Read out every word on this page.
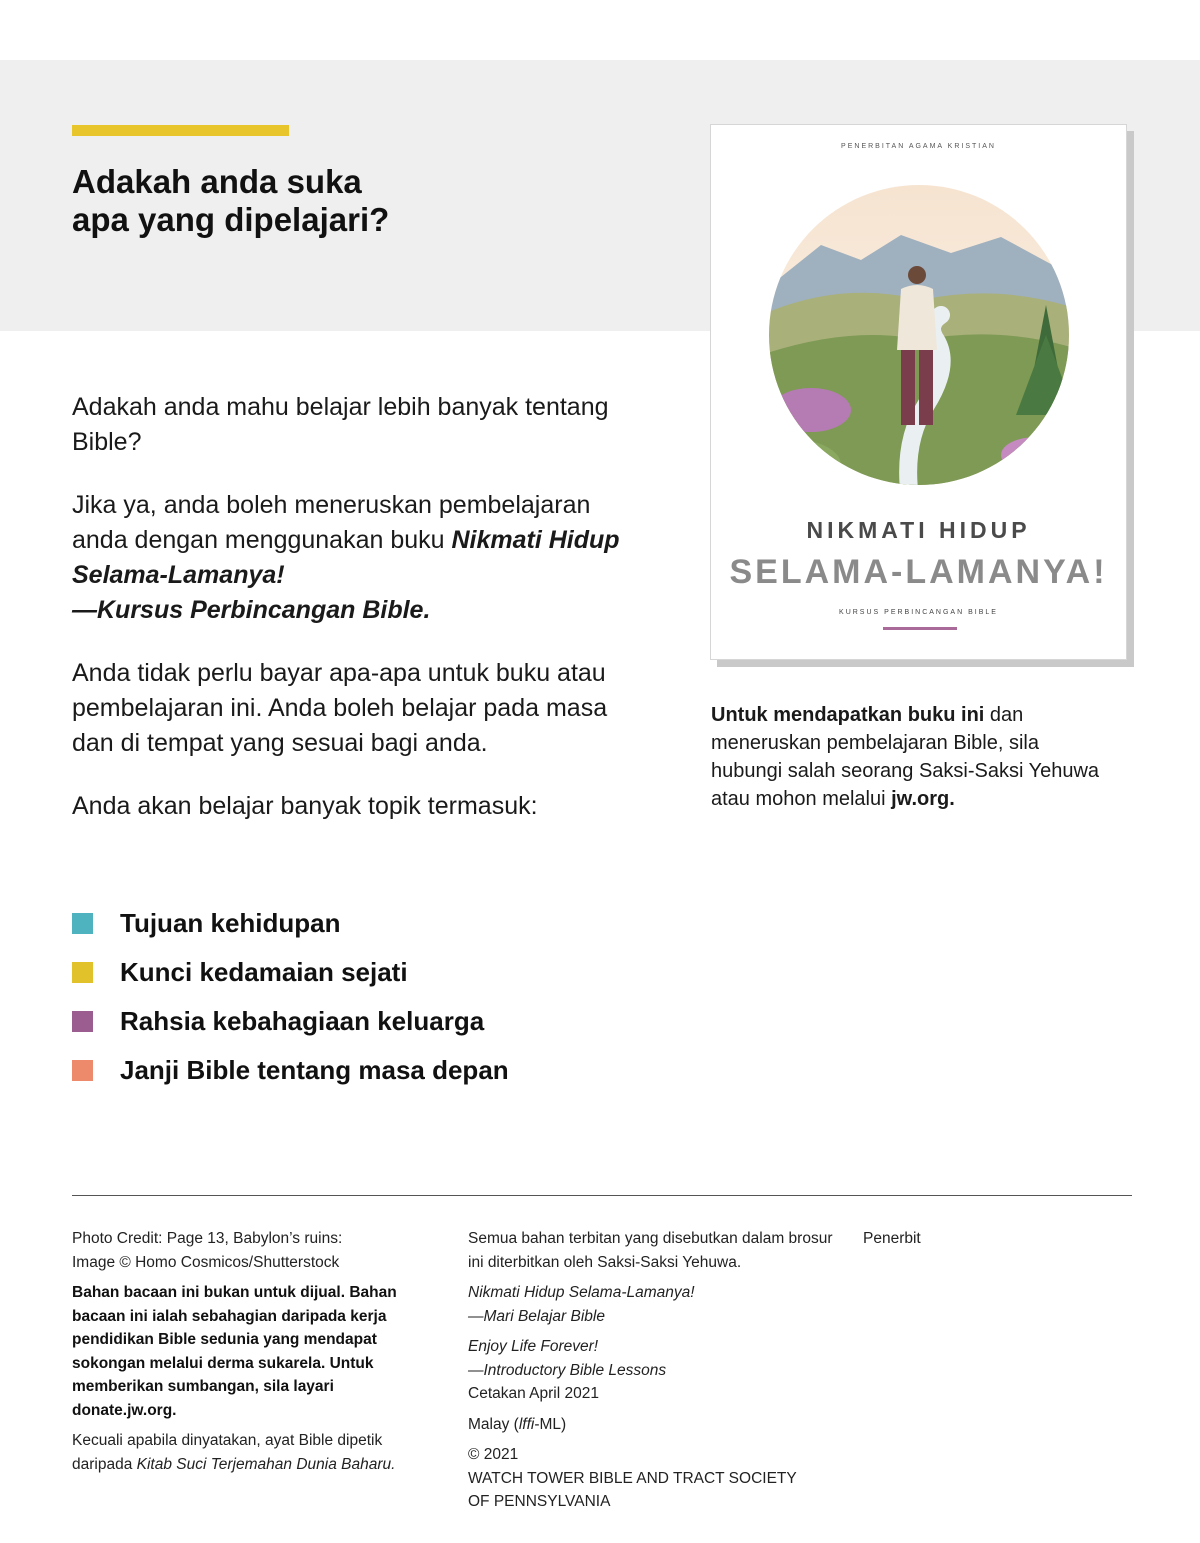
Adakah anda suka
apa yang dipelajari?

Adakah anda mahu belajar lebih banyak tentang Bible?

Jika ya, anda boleh meneruskan pembelajaran anda dengan menggunakan buku Nikmati Hidup Selama-Lamanya!
—Kursus Perbincangan Bible.

Anda tidak perlu bayar apa-apa untuk buku atau pembelajaran ini. Anda boleh belajar pada masa dan di tempat yang sesuai bagi anda.

Anda akan belajar banyak topik termasuk:

Tujuan kehidupan
Kunci kedamaian sejati
Rahsia kebahagiaan keluarga
Janji Bible tentang masa depan
PENERBITAN AGAMA KRISTIAN
NIKMATI HIDUP
SELAMA-LAMANYA!
KURSUS PERBINCANGAN BIBLE

Untuk mendapatkan buku ini dan meneruskan pembelajaran Bible, sila hubungi salah seorang Saksi-Saksi Yehuwa atau mohon melalui jw.org.

Photo Credit: Page 13, Babylon’s ruins:
Image © Homo Cosmicos/Shutterstock

Bahan bacaan ini bukan untuk dijual. Bahan bacaan ini ialah sebahagian daripada kerja pendidikan Bible sedunia yang mendapat sokongan melalui derma sukarela. Untuk memberikan sumbangan, sila layari donate.jw.org.

Kecuali apabila dinyatakan, ayat Bible dipetik daripada Kitab Suci Terjemahan Dunia Baharu.

Semua bahan terbitan yang disebutkan dalam brosur ini diterbitkan oleh Saksi-Saksi Yehuwa.

Nikmati Hidup Selama-Lamanya!
—Mari Belajar Bible

Enjoy Life Forever!
—Introductory Bible Lessons

Cetakan April 2021

Malay (lffi-ML)

© 2021
WATCH TOWER BIBLE AND TRACT SOCIETY
OF PENNSYLVANIA

Penerbit
